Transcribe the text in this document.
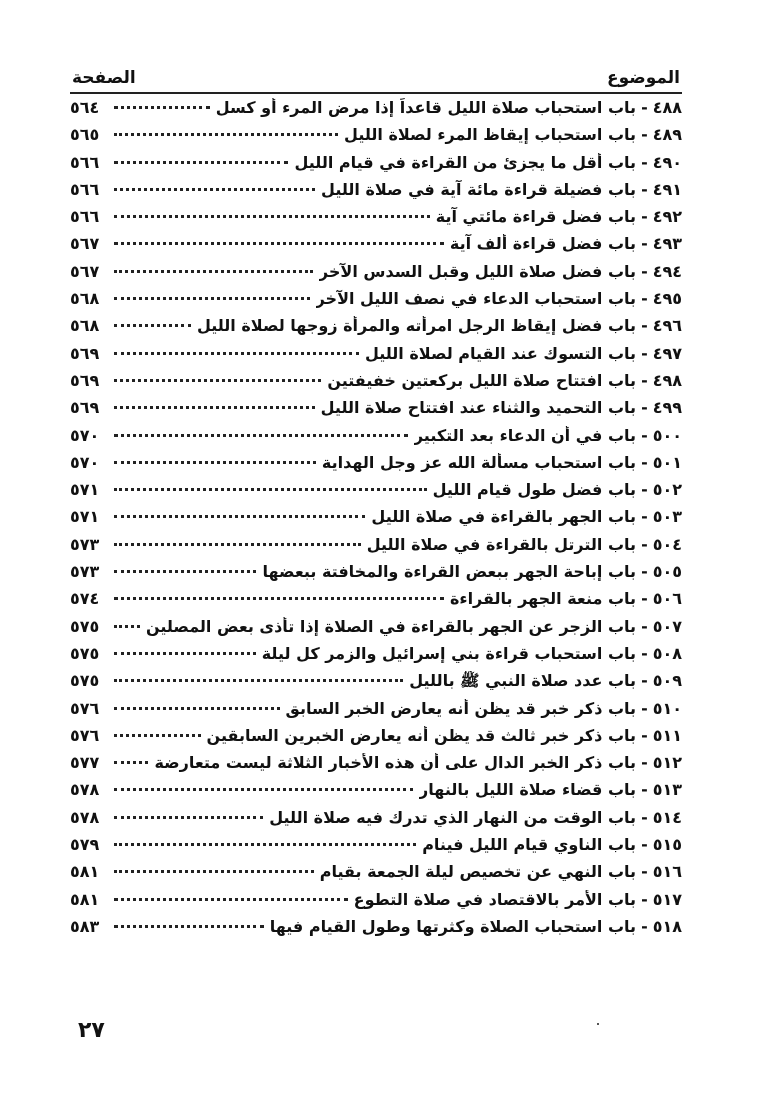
الموضوع
الصفحة
٤٨٨
-
باب استحباب صلاة الليل قاعداً إذا مرض المرء أو كسل
٥٦٤
٤٨٩
-
باب استحباب إيقاظ المرء لصلاة الليل
٥٦٥
٤٩٠
-
باب أقل ما يجزئ من القراءة في قيام الليل
٥٦٦
٤٩١
-
باب فضيلة قراءة مائة آية في صلاة الليل
٥٦٦
٤٩٢
-
باب فضل قراءة مائتي آية
٥٦٦
٤٩٣
-
باب فضل قراءة ألف آية
٥٦٧
٤٩٤
-
باب فضل صلاة الليل وقبل السدس الآخر
٥٦٧
٤٩٥
-
باب استحباب الدعاء في نصف الليل الآخر
٥٦٨
٤٩٦
-
باب فضل إيقاظ الرجل امرأته والمرأة زوجها لصلاة الليل
٥٦٨
٤٩٧
-
باب التسوك عند القيام لصلاة الليل
٥٦٩
٤٩٨
-
باب افتتاح صلاة الليل بركعتين خفيفتين
٥٦٩
٤٩٩
-
باب التحميد والثناء عند افتتاح صلاة الليل
٥٦٩
٥٠٠
-
باب في أن الدعاء بعد التكبير
٥٧٠
٥٠١
-
باب استحباب مسألة الله عز وجل الهداية
٥٧٠
٥٠٢
-
باب فضل طول قيام الليل
٥٧١
٥٠٣
-
باب الجهر بالقراءة في صلاة الليل
٥٧١
٥٠٤
-
باب الترتل بالقراءة في صلاة الليل
٥٧٣
٥٠٥
-
باب إباحة الجهر ببعض القراءة والمخافتة ببعضها
٥٧٣
٥٠٦
-
باب منعة الجهر بالقراءة
٥٧٤
٥٠٧
-
باب الزجر عن الجهر بالقراءة في الصلاة إذا تأذى بعض المصلين
٥٧٥
٥٠٨
-
باب استحباب قراءة بني إسرائيل والزمر كل ليلة
٥٧٥
٥٠٩
-
باب عدد صلاة النبي ﷺ بالليل
٥٧٥
٥١٠
-
باب ذكر خبر قد يظن أنه يعارض الخبر السابق
٥٧٦
٥١١
-
باب ذكر خبر ثالث قد يظن أنه يعارض الخبرين السابقين
٥٧٦
٥١٢
-
باب ذكر الخبر الدال على أن هذه الأخبار الثلاثة ليست متعارضة
٥٧٧
٥١٣
-
باب قضاء صلاة الليل بالنهار
٥٧٨
٥١٤
-
باب الوقت من النهار الذي تدرك فيه صلاة الليل
٥٧٨
٥١٥
-
باب الناوي قيام الليل فينام
٥٧٩
٥١٦
-
باب النهي عن تخصيص ليلة الجمعة بقيام
٥٨١
٥١٧
-
باب الأمر بالاقتصاد في صلاة التطوع
٥٨١
٥١٨
-
باب استحباب الصلاة وكثرتها وطول القيام فيها
٥٨٣
٢٧
